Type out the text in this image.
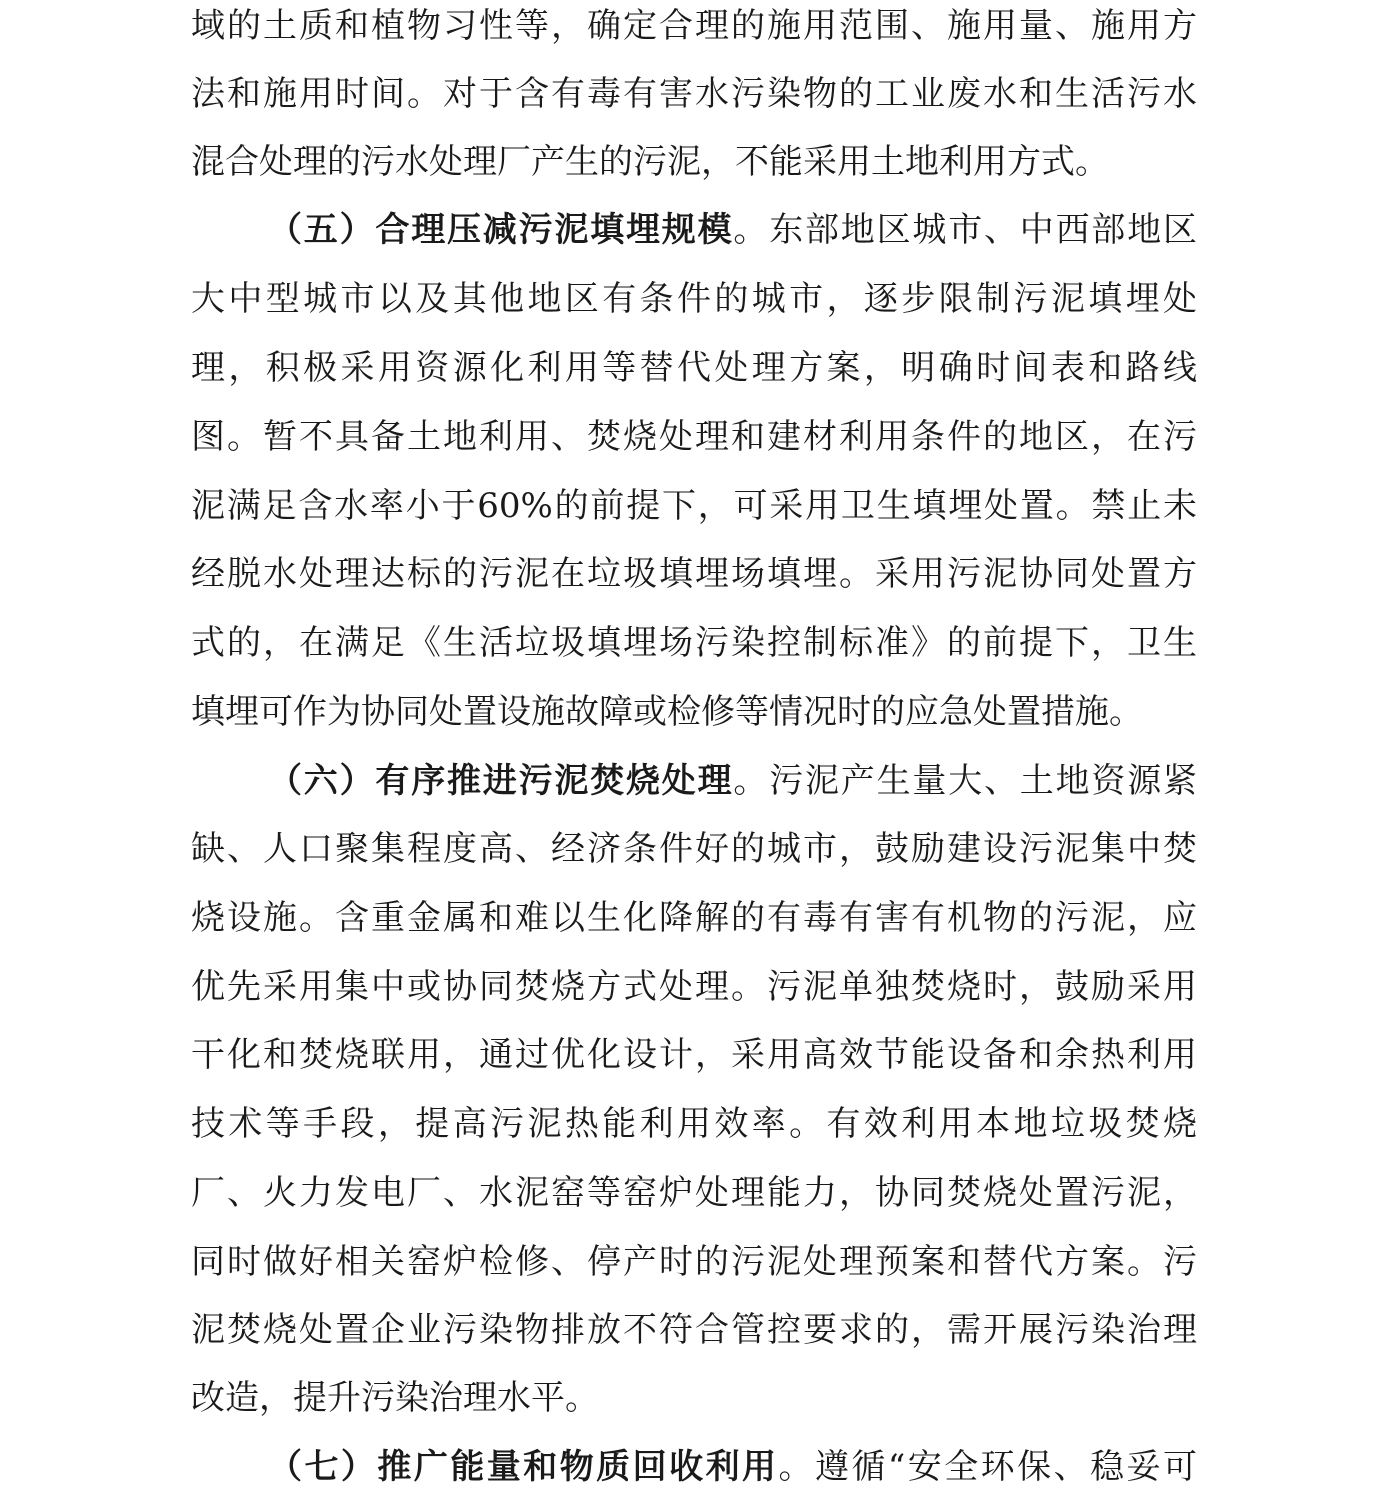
域的土质和植物习性等，确定合理的施用范围、施用量、施用方
法和施用时间。对于含有毒有害水污染物的工业废水和生活污水
混合处理的污水处理厂产生的污泥，不能采用土地利用方式。
（五）合理压减污泥填埋规模。东部地区城市、中西部地区
大中型城市以及其他地区有条件的城市，逐步限制污泥填埋处
理，积极采用资源化利用等替代处理方案，明确时间表和路线
图。暂不具备土地利用、焚烧处理和建材利用条件的地区，在污
泥满足含水率小于60%的前提下，可采用卫生填埋处置。禁止未
经脱水处理达标的污泥在垃圾填埋场填埋。采用污泥协同处置方
式的，在满足《生活垃圾填埋场污染控制标准》的前提下，卫生
填埋可作为协同处置设施故障或检修等情况时的应急处置措施。
（六）有序推进污泥焚烧处理。污泥产生量大、土地资源紧
缺、人口聚集程度高、经济条件好的城市，鼓励建设污泥集中焚
烧设施。含重金属和难以生化降解的有毒有害有机物的污泥，应
优先采用集中或协同焚烧方式处理。污泥单独焚烧时，鼓励采用
干化和焚烧联用，通过优化设计，采用高效节能设备和余热利用
技术等手段，提高污泥热能利用效率。有效利用本地垃圾焚烧
厂、火力发电厂、水泥窑等窑炉处理能力，协同焚烧处置污泥，
同时做好相关窑炉检修、停产时的污泥处理预案和替代方案。污
泥焚烧处置企业污染物排放不符合管控要求的，需开展污染治理
改造，提升污染治理水平。
（七）推广能量和物质回收利用。遵循“安全环保、稳妥可
